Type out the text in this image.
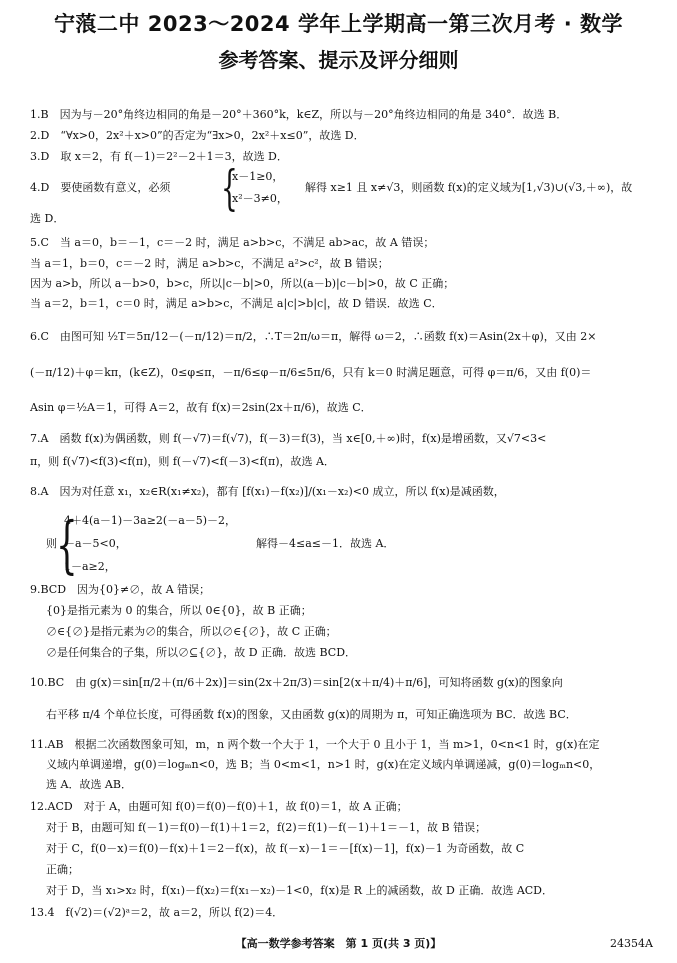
宁蒗二中 2023～2024 学年上学期高一第三次月考 · 数学
参考答案、提示及评分细则
1.B　因为与－20°角终边相同的角是－20°＋360°k，k∈Z，所以与－20°角终边相同的角是 340°．故选 B．
2.D　“∀x>0，2x²＋x>0”的否定为“∃x>0，2x²＋x≤0”，故选 D．
3.D　取 x＝2，有 f(－1)＝2²－2＋1＝3，故选 D．
4.D　要使函数有意义，必须 {
x－1≥0，
x²－3≠0，
解得 x≥1 且 x≠√3，则函数 f(x)的定义域为[1,√3)∪(√3,＋∞)，故
选 D．
5.C　当 a＝0，b＝－1，c＝－2 时，满足 a>b>c，不满足 ab>ac，故 A 错误；
当 a＝1，b＝0，c＝－2 时，满足 a>b>c，不满足 a²>c²，故 B 错误；
因为 a>b，所以 a－b>0，b>c，所以|c－b|>0，所以(a－b)|c－b|>0，故 C 正确；
当 a＝2，b＝1，c＝0 时，满足 a>b>c，不满足 a|c|>b|c|，故 D 错误．故选 C．
6.C　由图可知 ½T＝5π/12－(－π/12)＝π/2，∴T＝2π/ω＝π，解得 ω＝2，∴函数 f(x)＝Asin(2x＋φ)，又由 2×
(－π/12)＋φ＝kπ，(k∈Z)，0≤φ≤π，－π/6≤φ－π/6≤5π/6，只有 k＝0 时满足题意，可得 φ＝π/6，又由 f(0)＝
Asin φ＝½A＝1，可得 A＝2，故有 f(x)＝2sin(2x＋π/6)，故选 C．
7.A　函数 f(x)为偶函数，则 f(－√7)＝f(√7)，f(－3)＝f(3)，当 x∈[0,＋∞)时，f(x)是增函数，又√7<3<
π，则 f(√7)<f(3)<f(π)，则 f(－√7)<f(－3)<f(π)，故选 A．
8.A　因为对任意 x₁，x₂∈R(x₁≠x₂)，都有 [f(x₁)－f(x₂)]/(x₁－x₂)<0 成立，所以 f(x)是减函数，
4＋4(a－1)－3a≥2(－a－5)－2，
则 {
－a－5<0，	解得－4≤a≤－1．故选 A．
1－a≥2，
9.BCD　因为{0}≠∅，故 A 错误；
{0}是指元素为 0 的集合，所以 0∈{0}，故 B 正确；
∅∈{∅}是指元素为∅的集合，所以∅∈{∅}，故 C 正确；
∅是任何集合的子集，所以∅⊆{∅}，故 D 正确．故选 BCD．
10.BC　由 g(x)＝sin[π/2＋(π/6＋2x)]＝sin(2x＋2π/3)＝sin[2(x＋π/4)＋π/6]，可知将函数 g(x)的图象向
右平移 π/4 个单位长度，可得函数 f(x)的图象，又由函数 g(x)的周期为 π，可知正确选项为 BC．故选 BC．
11.AB　根据二次函数图象可知，m，n 两个数一个大于 1，一个大于 0 且小于 1，当 m>1，0<n<1 时，g(x)在定
义域内单调递增，g(0)＝logₘn<0，选 B；当 0<m<1，n>1 时，g(x)在定义域内单调递减，g(0)＝logₘn<0，
选 A．故选 AB．
12.ACD　对于 A，由题可知 f(0)＝f(0)－f(0)＋1，故 f(0)＝1，故 A 正确；
对于 B，由题可知 f(－1)＝f(0)－f(1)＋1＝2，f(2)＝f(1)－f(－1)＋1＝－1，故 B 错误；
对于 C，f(0－x)＝f(0)－f(x)＋1＝2－f(x)，故 f(－x)－1＝－[f(x)－1]，f(x)－1 为奇函数，故 C
正确；
对于 D，当 x₁>x₂ 时，f(x₁)－f(x₂)＝f(x₁－x₂)－1<0，f(x)是 R 上的减函数，故 D 正确．故选 ACD．
13.4　f(√2)＝(√2)ᵃ＝2，故 a＝2，所以 f(2)＝4．
【高一数学参考答案　第 1 页(共 3 页)】	24354A
